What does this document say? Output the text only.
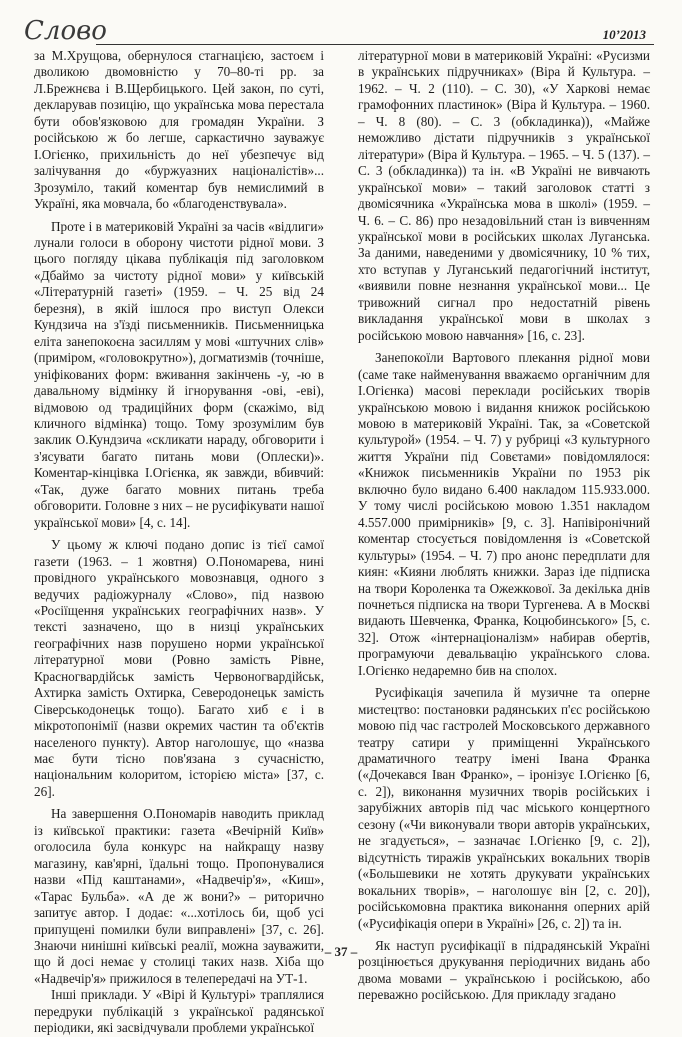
Слово	10’2013

за М.Хрущова, обернулося стагнацією, застоєм і дволикою двомовністю у 70–80-ті рр. за Л.Брежнєва і В.Щербицького. Цей закон, по суті, декларував позицію, що українська мова перестала бути обов'язковою для громадян України. З російською ж бо легше, саркастично зауважує І.Огієнко, прихильність до неї убезпечує від залічування до «буржуазних націоналістів»... Зрозуміло, такий коментар був немислимий в Україні, яка мовчала, бо «благоденствувала».

Проте і в материковій Україні за часів «відлиги» лунали голоси в оборону чистоти рідної мови. З цього погляду цікава публікація під заголовком «Дбаймо за чистоту рідної мови» у київській «Літературній газеті» (1959. – Ч. 25 від 24 березня), в якій ішлося про виступ Олекси Кундзича на з'їзді письменників. Письменницька еліта занепокоєна засиллям у мові «штучних слів» (приміром, «головокрутно»), догматизмів (точніше, уніфікованих форм: вживання закінчень -у, -ю в давальному відмінку й ігнорування -ові, -еві), відмовою од традиційних форм (скажімо, від кличного відмінка) тощо. Тому зрозумілим був заклик О.Кундзича «скликати нараду, обговорити і з'ясувати багато питань мови (Оплески)». Коментар-кінцівка І.Огієнка, як завжди, вбивчий: «Так, дуже багато мовних питань треба обговорити. Головне з них – не русифікувати нашої української мови» [4, с. 14].

У цьому ж ключі подано допис із тієї самої газети (1963. – 1 жовтня) О.Пономарева, нині провідного українського мовознавця, одного з ведучих радіожурналу «Слово», під назвою «Росіїщення українських географічних назв». У тексті зазначено, що в низці українських географічних назв порушено норми української літературної мови (Ровно замість Рівне, Красногвардійськ замість Червоногвардійськ, Ахтирка замість Охтирка, Северодонецьк замість Сіверськодонецьк тощо). Багато хиб є і в мікротопонімії (назви окремих частин та об'єктів населеного пункту). Автор наголошує, що «назва має бути тісно пов'язана з сучасністю, національним колоритом, історією міста» [37, с. 26].

На завершення О.Пономарів наводить приклад із київської практики: газета «Вечірній Київ» оголосила була конкурс на найкращу назву магазину, кав'ярні, їдальні тощо. Пропонувалися назви «Під каштанами», «Надвечір'я», «Киш», «Тарас Бульба». «А де ж вони?» – риторично запитує автор. І додає: «...хотілось би, щоб усі припущені помилки були виправлені» [37, с. 26]. Знаючи нинішні київські реалії, можна зауважити, що й досі немає у столиці таких назв. Хіба що «Надвечір'я» прижилося в телепередачі на УТ-1.

Інші приклади. У «Вірі й Культурі» траплялися передруки публікацій з української радянської періодики, які засвідчували проблеми української

літературної мови в материковій Україні: «Русизми в українських підручниках» (Віра й Культура. – 1962. – Ч. 2 (110). – С. 30), «У Харкові немає грамофонних пластинок» (Віра й Культура. – 1960. – Ч. 8 (80). – С. 3 (обкладинка)), «Майже неможливо дістати підручників з української літератури» (Віра й Культура. – 1965. – Ч. 5 (137). – С. 3 (обкладинка)) та ін. «В Україні не вивчають української мови» – такий заголовок статті з двомісячника «Українська мова в школі» (1959. – Ч. 6. – С. 86) про незадовільний стан із вивченням української мови в російських школах Луганська. За даними, наведеними у двомісячнику, 10 % тих, хто вступав у Луганський педагогічний інститут, «виявили повне незнання української мови... Це тривожний сигнал про недостатній рівень викладання української мови в школах з російською мовою навчання» [16, с. 23].

Занепокоїли Вартового плекання рідної мови (саме таке найменування вважаємо органічним для І.Огієнка) масові переклади російських творів українською мовою і видання книжок російською мовою в материковій Україні. Так, за «Советской культурой» (1954. – Ч. 7) у рубриці «З культурного життя України під Совєтами» повідомлялося: «Книжок письменників України по 1953 рік включно було видано 6.400 накладом 115.933.000. У тому числі російською мовою 1.351 накладом 4.557.000 примірників» [9, с. 3]. Напівіронічний коментар стосується повідомлення із «Советской культуры» (1954. – Ч. 7) про анонс передплати для киян: «Кияни люблять книжки. Зараз іде підписка на твори Короленка та Ожежкової. За декілька днів почнеться підписка на твори Тургенева. А в Москві видають Шевченка, Франка, Коцюбинського» [5, с. 32]. Отож «інтернаціоналізм» набирав обертів, програмуючи девальвацію українського слова. І.Огієнко недаремно бив на сполох.

Русифікація зачепила й музичне та оперне мистецтво: постановки радянських п'єс російською мовою під час гастролей Московського державного театру сатири у приміщенні Українського драматичного театру імені Івана Франка («Дочекався Іван Франко», – іронізує І.Огієнко [6, с. 2]), виконання музичних творів російських і зарубіжних авторів під час міського концертного сезону («Чи виконували твори авторів українських, не згадується», – зазначає І.Огієнко [9, с. 2]), відсутність тиражів українських вокальних творів («Большевики не хотять друкувати українських вокальних творів», – наголошує він [2, с. 20]), російськомовна практика виконання оперних арій («Русифікація опери в Україні» [26, с. 2]) та ін.

Як наступ русифікації в підрадянській Україні розцінюється друкування періодичних видань або двома мовами – українською і російською, або переважно російською. Для прикладу згадано

– 37 –
